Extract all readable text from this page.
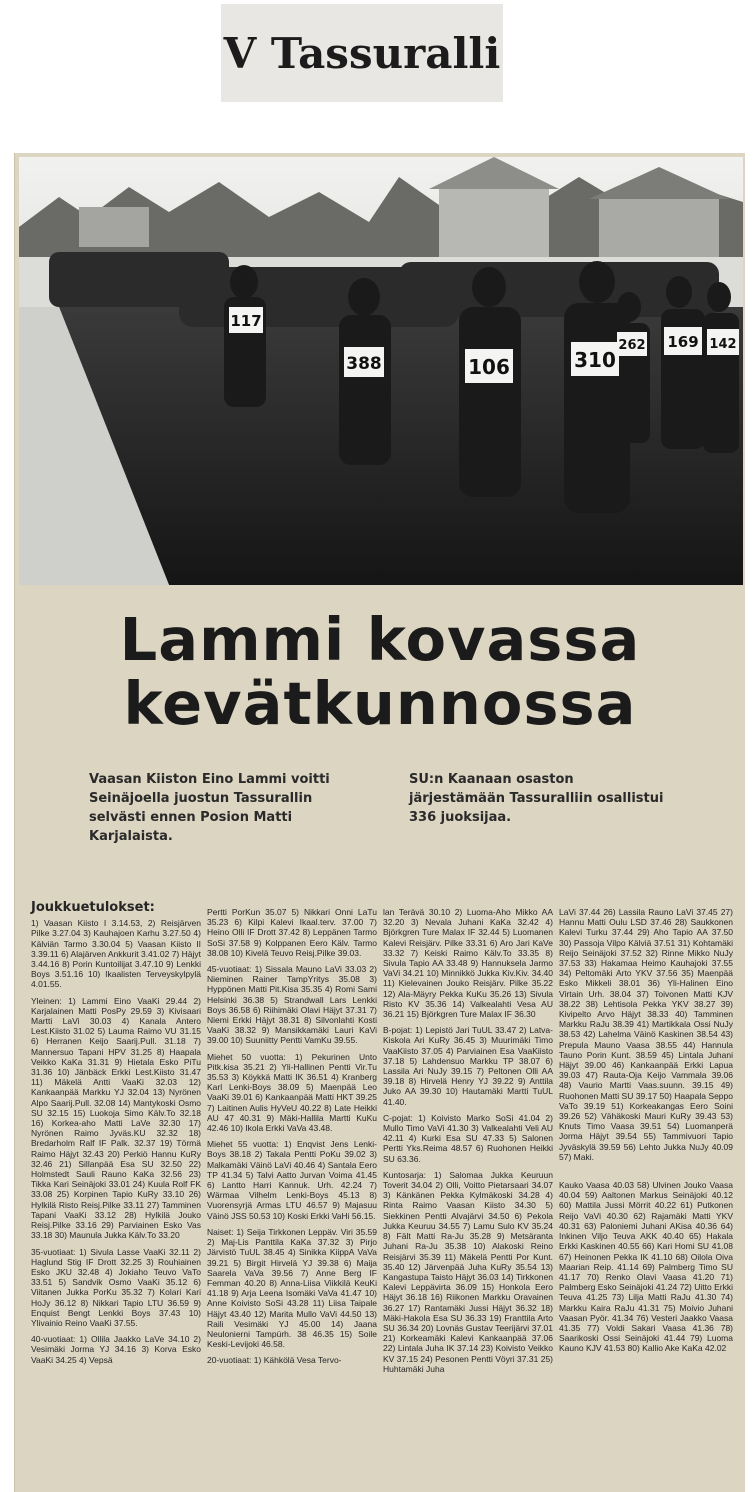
V Tassuralli
117
388	106	310
262 169 142
Lammi kovassa
kevätkunnossa
Vaasan Kiiston Eino Lammi voitti Seinäjoella juostun Tassurallin selvästi ennen Posion Matti Karjalaista.
SU:n Kaanaan osaston järjestämään Tassuralliin osallistui 336 juoksijaa.
Joukkuetulokset:

1) Vaasan Kiisto I 3.14.53, 2) Reisjärven Pilke 3.27.04 3) Kauhajoen Karhu 3.27.50 4) Kälviän Tarmo 3.30.04 5) Vaasan Kiisto II 3.39.11 6) Alajärven Ankkurit 3.41.02 7) Häjyt 3.44.16 8) Porin Kuntoilijat 3.47.10 9) Lenkki Boys 3.51.16 10) Ikaalisten Terveyskylpylä 4.01.55.

Yleinen: 1) Lammi Eino VaaKi 29.44 2) Karjalainen Matti PosPy 29.59 3) Kivisaari Martti LaVi 30.03 4) Kanala Antero Lest.Kiisto 31.02 5) Lauma Raimo VU 31.15 6) Herranen Keijo Saarij.Pull. 31.18 7) Mannersuo Tapani HPV 31.25 8) Haapala Veikko KaKa 31.31 9) Hietala Esko PiTu 31.36 10) Jänbäck Erkki Lest.Kiisto 31.47 11) Mäkelä Antti VaaKi 32.03 12) Kankaanpää Markku YJ 32.04 13) Nyrönen Alpo Saarij.Pull. 32.08 14) Mantykoski Osmo SU 32.15 15) Luokoja Simo Kälv.To 32.18 16) Korkea-aho Matti LaVe 32.30 17) Nyrönen Raimo Jyväs.KU 32.32 18) Bredarholm Ralf IF Palk. 32.37 19) Törmä Raimo Häjyt 32.43 20) Perkiö Hannu KuRy 32.46 21) Sillanpää Esa SU 32.50 22) Holmstedt Sauli Rauno KaKa 32.56 23) Tikka Kari Seinäjoki 33.01 24) Kuula Rolf FK 33.08 25) Korpinen Tapio KuRy 33.10 26) Hylkilä Risto Reisj.Pilke 33.11 27) Tamminen Tapani VaaKi 33.12 28) Hylkilä Jouko Reisj.Pilke 33.16 29) Parviainen Esko Vas 33.18 30) Maunula Jukka Kälv.To 33.20

35-vuotiaat: 1) Sivula Lasse VaaKi 32.11 2) Haglund Stig IF Drott 32.25 3) Rouhiainen Esko JKU 32.48 4) Jokiaho Teuvo VaTo 33.51 5) Sandvik Osmo VaaKi 35.12 6) Viitanen Jukka PorKu 35.32 7) Kolari Kari HoJy 36.12 8) Nikkari Tapio LTU 36.59 9) Enquist Bengt Lenkki Boys 37.43 10) Ylivainio Reino VaaKi 37.55.

40-vuotiaat: 1) Ollila Jaakko LaVe 34.10 2) Vesimäki Jorma YJ 34.16 3) Korva Esko VaaKi 34.25 4) Vepsä

Pertti PorKun 35.07 5) Nikkari Onni LaTu 35.23 6) Kilpi Kalevi Ikaal.terv. 37.00 7) Heino Olli IF Drott 37.42 8) Leppänen Tarmo SoSi 37.58 9) Kolppanen Eero Kälv. Tarmo 38.08 10) Kivelä Teuvo Reisj.Pilke 39.03.

45-vuotiaat: 1) Sissala Mauno LaVi 33.03 2) Nieminen Rainer TampYritys 35.08 3) Hyppönen Matti Pit.Kisa 35.35 4) Romi Sami Helsinki 36.38 5) Strandwall Lars Lenkki Boys 36.58 6) Riihimäki Olavi Häjyt 37.31 7) Niemi Erkki Häjyt 38.31 8) Silvonlahti Kosti VaaKi 38.32 9) Mansikkamäki Lauri KaVi 39.00 10) Suuniitty Pentti VamKu 39.55.

Miehet 50 vuotta: 1) Pekurinen Unto Pitk.kisa 35.21 2) Yli-Hallinen Pentti Vir.Tu 35.53 3) Köykkä Matti IK 36.51 4) Kranberg Karl Lenki-Boys 38.09 5) Maenpää Leo VaaKi 39.01 6) Kankaanpää Matti HKT 39.25 7) Laitinen Aulis HyVeU 40.22 8) Late Heikki AU 47 40.31 9) Mäki-Hallila Martti KuKu 42.46 10) Ikola Erkki VaVa 43.48.

Miehet 55 vuotta: 1) Enqvist Jens Lenki-Boys 38.18 2) Takala Pentti PoKu 39.02 3) Malkamäki Väinö LaVi 40.46 4) Santala Eero TP 41.34 5) Talvi Aatto Jurvan Voima 41.45 6) Lantto Harri Kannuk. Urh. 42.24 7) Wärmaa Vilhelm Lenki-Boys 45.13 8) Vuorensyrjä Armas LTU 46.57 9) Majasuu Väinö JSS 50.53 10) Koski Erkki VaHi 56.15.

Naiset: 1) Seija Tirkkonen Leppäv. Viri 35.59 2) Maj-Lis Panttila KaKa 37.32 3) Pirjo Järvistö TuUL 38.45 4) Sinikka KiippA VaVa 39.21 5) Birgit Hirvelä YJ 39.38 6) Maija Saarela VaVa 39.56 7) Anne Berg IF Femman 40.20 8) Anna-Liisa Viikkilä KeuKi 41.18 9) Arja Leena Isomäki VaVa 41.47 10) Anne Koivisto SoSi 43.28 11) Liisa Taipale Häjyt 43.40 12) Marita Mullo VaVi 44.50 13) Raili Vesimäki YJ 45.00 14) Jaana Neulonierni Tampürh. 38 46.35 15) Soile Keski-Levijoki 46.58.

20-vuotiaat: 1) Kähkölä Vesa Tervo-

lan Terävä 30.10 2) Luoma-Aho Mikko AA 32.20 3) Nevala Juhani KaKa 32.42 4) Björkgren Ture Malax IF 32.44 5) Luomanen Kalevi Reisjärv. Pilke 33.31 6) Aro Jari KaVe 33.32 7) Keiski Raimo Kälv.To 33.35 8) Sivula Tapio AA 33.48 9) Hannuksela Jarmo VaVi 34.21 10) Minnikkö Jukka Kiv.Kiv. 34.40 11) Kielevainen Jouko Reisjärv. Pilke 35.22 12) Ala-Mäyry Pekka KuKu 35.26 13) Sivula Risto KV 35.36 14) Valkealahti Vesa AU 36.21 15) Björkgren Ture Malax IF 36.30

B-pojat: 1) Lepistö Jari TuUL 33.47 2) Latva-Kiskola Ari KuRy 36.45 3) Muurimäki Timo VaaKiisto 37.05 4) Parviainen Esa VaaKiisto 37.18 5) Lahdensuo Markku TP 38.07 6) Lassila Ari NuJy 39.15 7) Peltonen Olli AA 39.18 8) Hirvelä Henry YJ 39.22 9) Anttila Juko AA 39.30 10) Hautamäki Martti TuUL 41.40.

C-pojat: 1) Koivisto Marko SoSi 41.04 2) Mullo Timo VaVi 41.30 3) Valkealahti Veli AU 42.11 4) Kurki Esa SU 47.33 5) Salonen Pertti Yks.Reima 48.57 6) Ruohonen Heikki SU 63.36.

Kuntosarja: 1) Salomaa Jukka Keuruun Toverit 34.04 2) Olli, Voitto Pietarsaari 34.07 3) Känkänen Pekka Kylmäkoski 34.28 4) Rinta Raimo Vaasan Kiisto 34.30 5) Siekkinen Pentti Alvajärvi 34.50 6) Pekola Jukka Keuruu 34.55 7) Lamu Sulo KV 35.24 8) Fält Matti Ra-Ju 35.28 9) Metsäranta Juhani Ra-Ju 35.38 10) Alakoski Reino Reisjärvi 35.39 11) Mäkelä Pentti Por Kunt. 35.40 12) Järvenpää Juha KuRy 35.54 13) Kangastupa Taisto Häjyt 36.03 14) Tirkkonen Kalevi Leppävirta 36.09 15) Honkola Eero Häjyt 36.18 16) Riikonen Markku Oravainen 36.27 17) Rantamäki Jussi Häjyt 36.32 18) Mäki-Hakola Esa SU 36.33 19) Franttila Arto SU 36.34 20) Lovnäs Gustav Teerijärvi 37.01 21) Korkeamäki Kalevi Kankaanpää 37.06 22) Lintala Juha IK 37.14 23) Koivisto Veikko KV 37.15 24) Pesonen Pentti Vöyri 37.31 25) Huhtamäki Juha

LaVi 37.44 26) Lassila Rauno LaVi 37.45 27) Hannu Matti Oulu LSD 37.46 28) Saukkonen Kalevi Turku 37.44 29) Aho Tapio AA 37.50 30) Passoja Vilpo Kälviä 37.51 31) Kohtamäki Reijo Seinäjoki 37.52 32) Rinne Mikko NuJy 37.53 33) Hakamaa Heimo Kauhajoki 37.55 34) Peltomäki Arto YKV 37.56 35) Maenpää Esko Mikkeli 38.01 36) Yli-Halinen Eino Virtain Urh. 38.04 37) Toivonen Matti KJV 38.22 38) Lehtisola Pekka YKV 38.27 39) Kivipelto Arvo Häjyt 38.33 40) Tamminen Markku RaJu 38.39 41) Martikkala Ossi NuJy 38.53 42) Lahelma Väinö Kaskinen 38.54 43) Prepula Mauno Vaasa 38.55 44) Hannula Tauno Porin Kunt. 38.59 45) Lintala Juhani Häjyt 39.00 46) Kankaanpää Erkki Lapua 39.03 47) Rauta-Oja Keijo Vammala 39.06 48) Vaurio Martti Vaas.suunn. 39.15 49) Ruohonen Matti SU 39.17 50) Haapala Seppo VaTo 39.19 51) Korkeakangas Eero Soini 39.26 52) Vähäkoski Mauri KuRy 39.43 53) Knuts Timo Vaasa 39.51 54) Luomanperä Jorma Häjyt 39.54 55) Tammivuori Tapio Jyväskylä 39.59 56) Lehto Jukka NuJy 40.09 57) Maki.

Kauko Vaasa 40.03 58) Ulvinen Jouko Vaasa 40.04 59) Aaltonen Markus Seinäjoki 40.12 60) Mattila Jussi Mörrit 40.22 61) Putkonen Reijo VaVi 40.30 62) Rajamäki Matti YKV 40.31 63) Paloniemi Juhani AKisa 40.36 64) Inkinen Viljo Teuva AKK 40.40 65) Hakala Erkki Kaskinen 40.55 66) Kari Homi SU 41.08 67) Heinonen Pekka IK 41.10 68) Oilola Oiva Maarian Reip. 41.14 69) Palmberg Timo SU 41.17 70) Renko Olavi Vaasa 41.20 71) Palmberg Esko Seinäjoki 41.24 72) Uitto Erkki Teuva 41.25 73) Lilja Matti RaJu 41.30 74) Markku Kaira RaJu 41.31 75) Moivio Juhani Vaasan Pyör. 41.34 76) Vesteri Jaakko Vaasa 41.35 77) Voldi Sakari Vaasa 41.36 78) Saarikoski Ossi Seinäjoki 41.44 79) Luoma Kauno KJV 41.53 80) Kallio Ake KaKa 42.02
